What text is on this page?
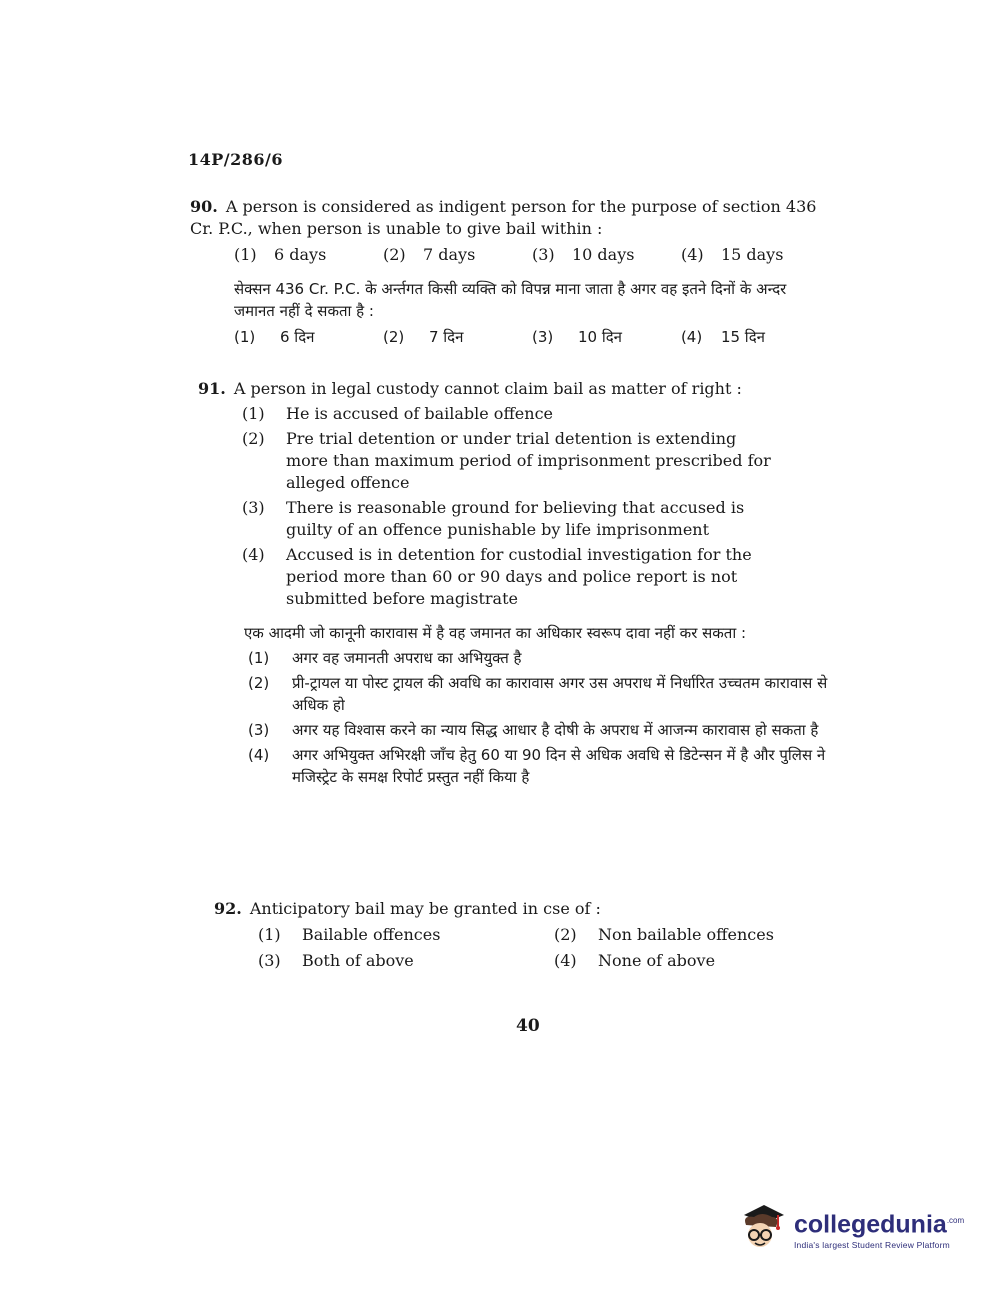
14P/286/6
90. A person is considered as indigent person for the purpose of section 436 Cr. P.C., when person is unable to give bail within :
(1)	6 days	(2)	7 days	(3)	10 days	(4)	15 days
सेक्सन 436 Cr. P.C. के अर्न्तगत किसी व्यक्ति को विपन्न माना जाता है अगर वह इतने दिनों के अन्दर जमानत नहीं दे सकता है :
(1)	6 दिन	(2)	7 दिन	(3)	10 दिन	(4)	15 दिन
91. A person in legal custody cannot claim bail as matter of right :
(1)	He is accused of bailable offence
(2)	Pre trial detention or under trial detention is extending more than maximum period of imprisonment prescribed for alleged offence
(3)	There is reasonable ground for believing that accused is guilty of an offence punishable by life imprisonment
(4)	Accused is in detention for custodial investigation for the period more than 60 or 90 days and police report is not submitted before magistrate
एक आदमी जो कानूनी कारावास में है वह जमानत का अधिकार स्वरूप दावा नहीं कर सकता :
(1)	अगर वह जमानती अपराध का अभियुक्त है
(2)	प्री-ट्रायल या पोस्ट ट्रायल की अवधि का कारावास अगर उस अपराध में निर्धारित उच्चतम कारावास से अधिक हो
(3)	अगर यह विश्वास करने का न्याय सिद्ध आधार है दोषी के अपराध में आजन्म कारावास हो सकता है
(4)	अगर अभियुक्त अभिरक्षी जाँच हेतु 60 या 90 दिन से अधिक अवधि से डिटेन्सन में है और पुलिस ने मजिस्ट्रेट के समक्ष रिपोर्ट प्रस्तुत नहीं किया है
92. Anticipatory bail may be granted in cse of :
(1)	Bailable offences	(2)	Non bailable offences
(3)	Both of above	(4)	None of above
40
collegedunia$^{.com}$
India's largest Student Review Platform
